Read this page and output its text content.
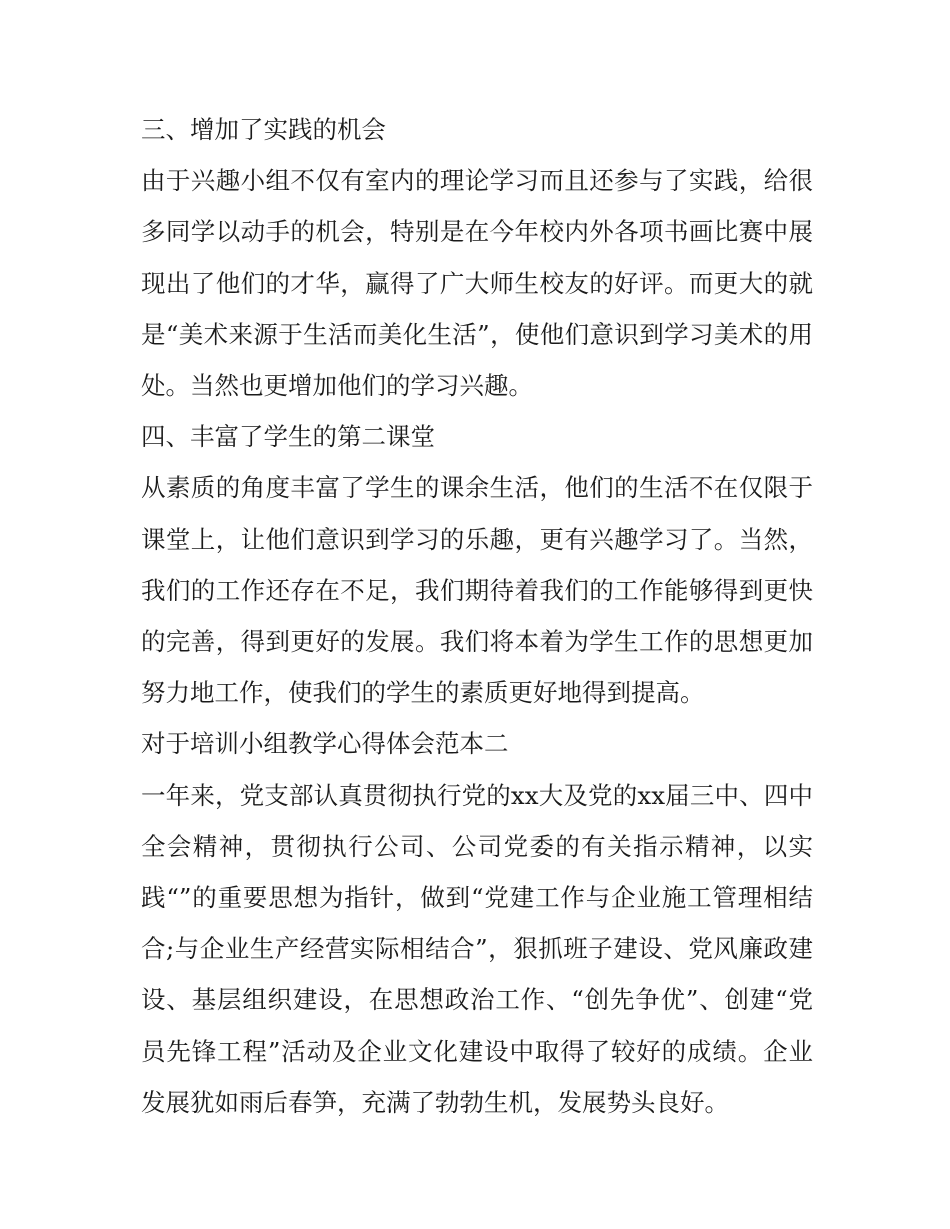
三、增加了实践的机会

由于兴趣小组不仅有室内的理论学习而且还参与了实践，给很多同学以动手的机会，特别是在今年校内外各项书画比赛中展现出了他们的才华，赢得了广大师生校友的好评。而更大的就是“美术来源于生活而美化生活”，使他们意识到学习美术的用处。当然也更增加他们的学习兴趣。

四、丰富了学生的第二课堂

从素质的角度丰富了学生的课余生活，他们的生活不在仅限于课堂上，让他们意识到学习的乐趣，更有兴趣学习了。当然，我们的工作还存在不足，我们期待着我们的工作能够得到更快的完善，得到更好的发展。我们将本着为学生工作的思想更加努力地工作，使我们的学生的素质更好地得到提高。

对于培训小组教学心得体会范本二

一年来，党支部认真贯彻执行党的xx大及党的xx届三中、四中全会精神，贯彻执行公司、公司党委的有关指示精神，以实践“”的重要思想为指针，做到“党建工作与企业施工管理相结合;与企业生产经营实际相结合”，狠抓班子建设、党风廉政建设、基层组织建设，在思想政治工作、“创先争优”、创建“党员先锋工程”活动及企业文化建设中取得了较好的成绩。企业发展犹如雨后春笋，充满了勃勃生机，发展势头良好。
